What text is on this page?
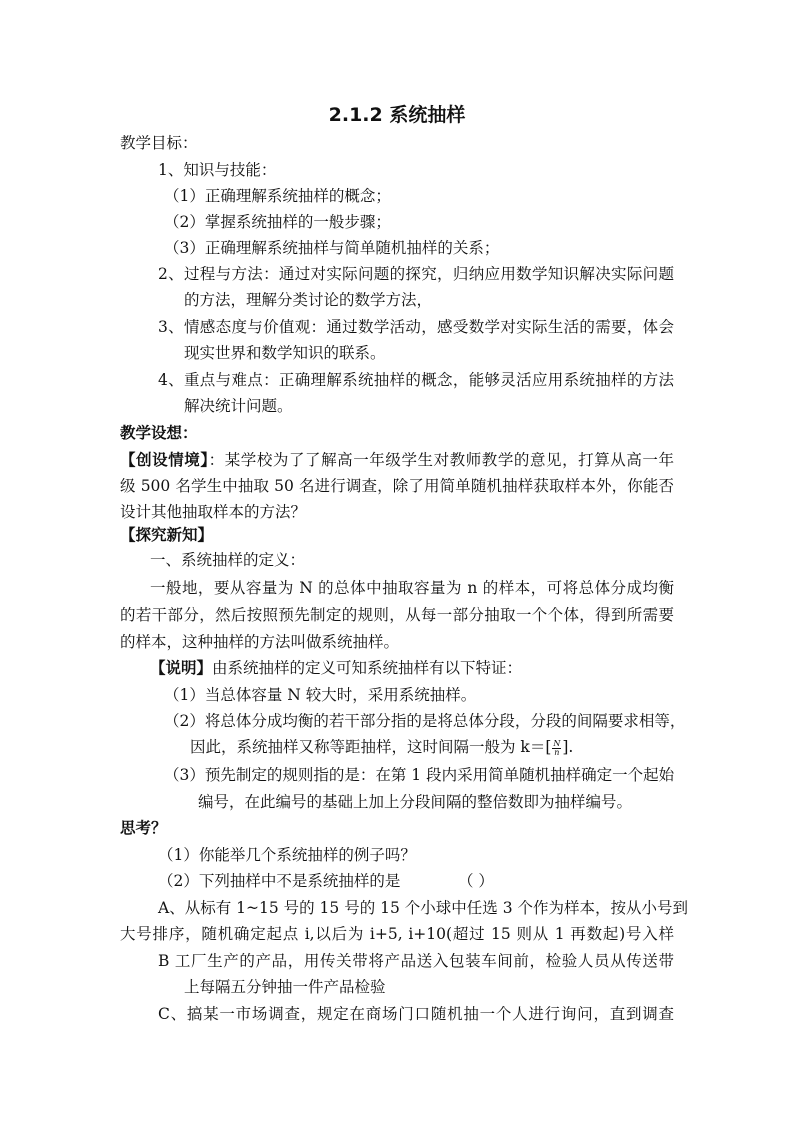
2.1.2 系统抽样
教学目标：
1、知识与技能：
（1）正确理解系统抽样的概念；
（2）掌握系统抽样的一般步骤；
（3）正确理解系统抽样与简单随机抽样的关系；
2、过程与方法：通过对实际问题的探究，归纳应用数学知识解决实际问题
的方法，理解分类讨论的数学方法，
3、情感态度与价值观：通过数学活动，感受数学对实际生活的需要，体会
现实世界和数学知识的联系。
4、重点与难点：正确理解系统抽样的概念，能够灵活应用系统抽样的方法
解决统计问题。
教学设想：
【创设情境】：某学校为了了解高一年级学生对教师教学的意见，打算从高一年
级 500 名学生中抽取 50 名进行调查，除了用简单随机抽样获取样本外，你能否
设计其他抽取样本的方法？
【探究新知】
一、系统抽样的定义：
一般地，要从容量为 N 的总体中抽取容量为 n 的样本，可将总体分成均衡
的若干部分，然后按照预先制定的规则，从每一部分抽取一个个体，得到所需要
的样本，这种抽样的方法叫做系统抽样。
【说明】由系统抽样的定义可知系统抽样有以下特证：
（1）当总体容量 N 较大时，采用系统抽样。
（2）将总体分成均衡的若干部分指的是将总体分段，分段的间隔要求相等，
因此，系统抽样又称等距抽样，这时间隔一般为 $k=[ \frac{N}{n}$ ].
（3）预先制定的规则指的是：在第 1 段内采用简单随机抽样确定一个起始
编号，在此编号的基础上加上分段间隔的整倍数即为抽样编号。
思考？
（1）你能举几个系统抽样的例子吗？
（2）下列抽样中不是系统抽样的是	（ ）
A、从标有 1~15 号的 15 号的 15 个小球中任选 3 个作为样本，按从小号到
大号排序，随机确定起点 i,以后为 i+5, i+10(超过 15 则从 1 再数起)号入样
B 工厂生产的产品，用传关带将产品送入包装车间前，检验人员从传送带
上每隔五分钟抽一件产品检验
C、搞某一市场调查，规定在商场门口随机抽一个人进行询问，直到调查
